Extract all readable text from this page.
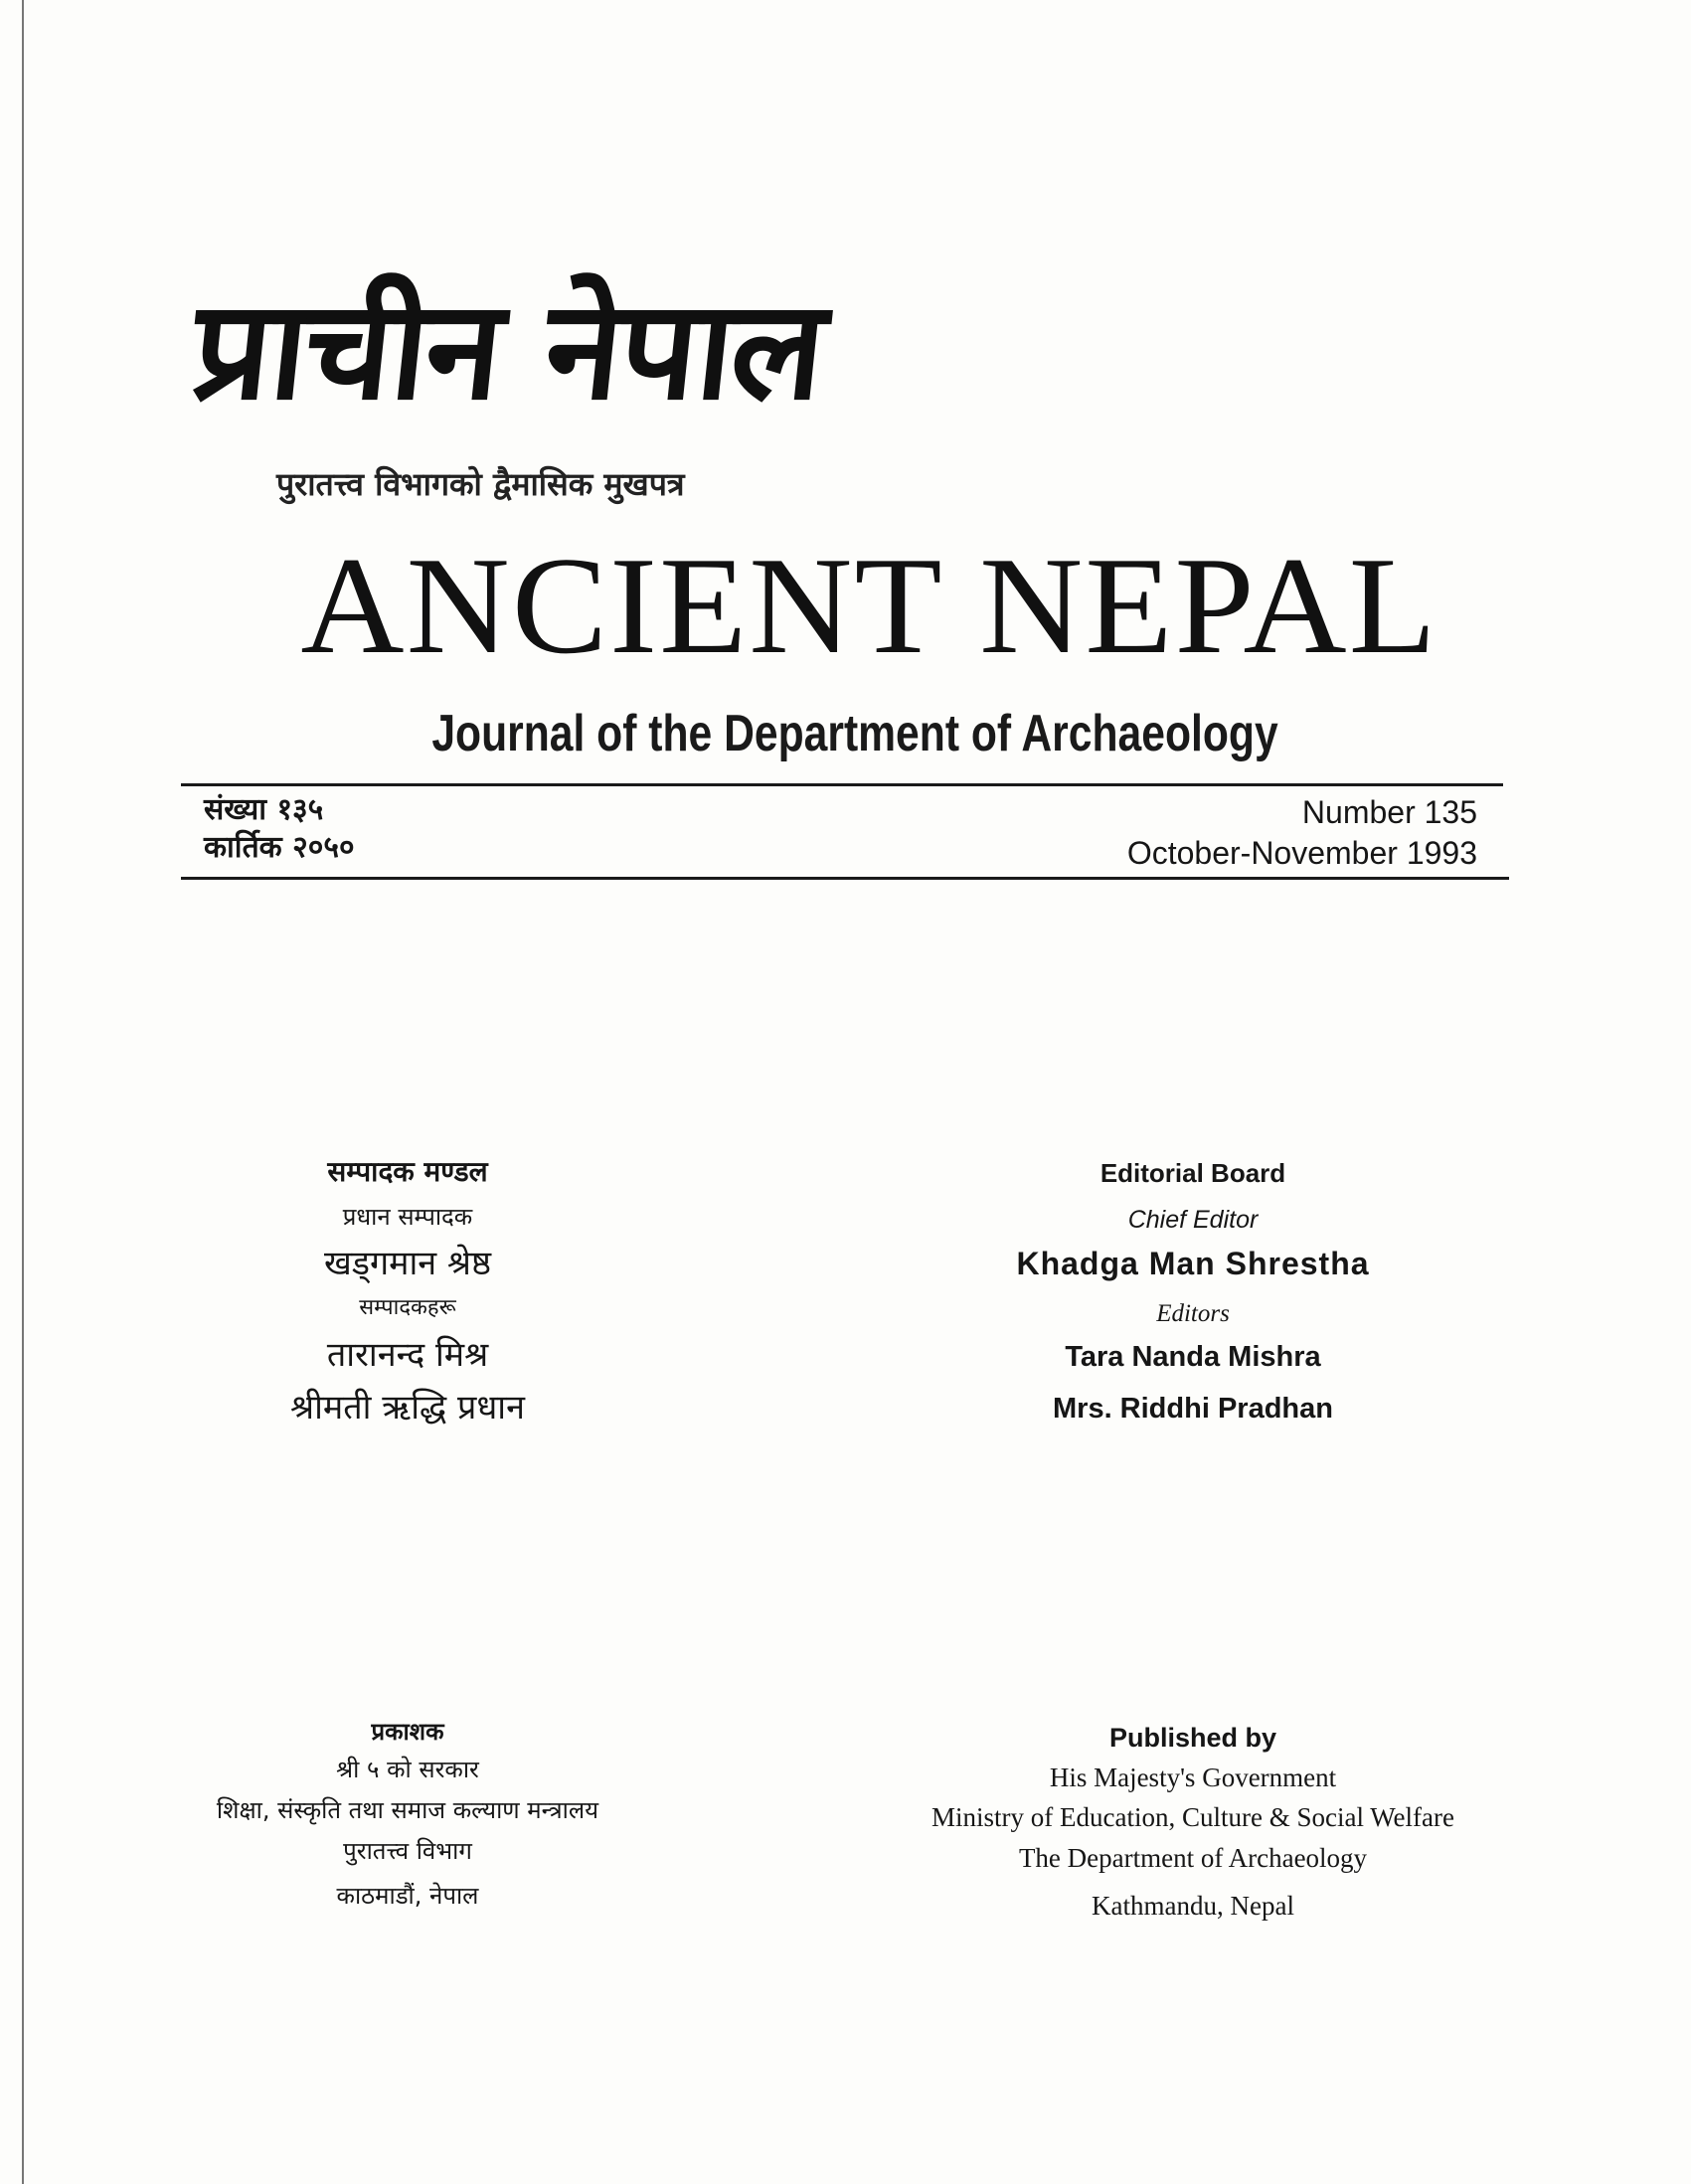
प्राचीन नेपाल
पुरातत्त्व विभागको द्वैमासिक मुखपत्र
ANCIENT NEPAL
Journal of the Department of Archaeology
संख्या १३५
कार्तिक २०५०
Number 135
October-November 1993
सम्पादक मण्डल
प्रधान सम्पादक
खड्गमान श्रेष्ठ
सम्पादकहरू
तारानन्द मिश्र
श्रीमती ऋद्धि प्रधान
Editorial Board
Chief Editor
Khadga Man Shrestha
Editors
Tara Nanda Mishra
Mrs. Riddhi Pradhan
प्रकाशक
श्री ५ को सरकार
शिक्षा, संस्कृति तथा समाज कल्याण मन्त्रालय
पुरातत्त्व विभाग
काठमाडौं, नेपाल
Published by
His Majesty's Government
Ministry of Education, Culture & Social Welfare
The Department of Archaeology
Kathmandu, Nepal
